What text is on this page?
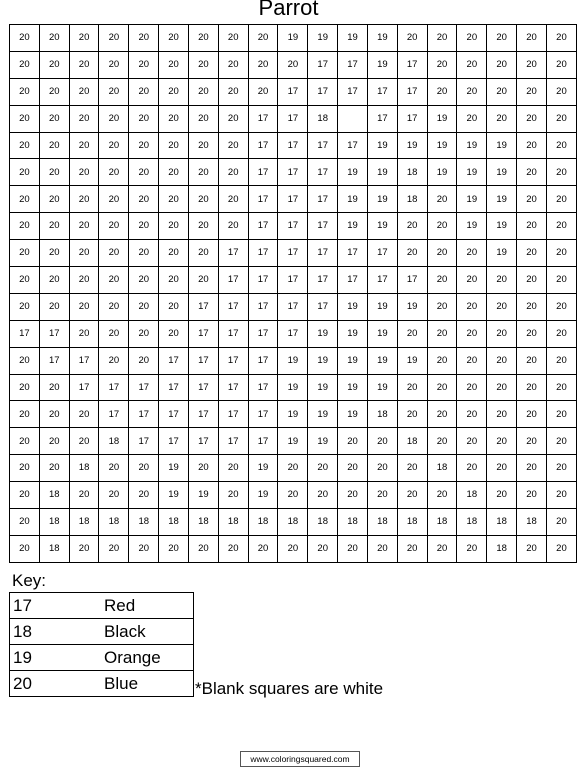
Parrot
20	20	20	20	20	20	20	20	20	19	19	19	19	20	20	20	20	20	20
20	20	20	20	20	20	20	20	20	20	17	17	19	17	20	20	20	20	20
20	20	20	20	20	20	20	20	20	17	17	17	17	17	20	20	20	20	20
20	20	20	20	20	20	20	20	17	17	18		17	17	19	20	20	20	20
20	20	20	20	20	20	20	20	17	17	17	17	19	19	19	19	19	20	20
20	20	20	20	20	20	20	20	17	17	17	19	19	18	19	19	19	20	20
20	20	20	20	20	20	20	20	17	17	17	19	19	18	20	19	19	20	20
20	20	20	20	20	20	20	20	17	17	17	19	19	20	20	19	19	20	20
20	20	20	20	20	20	20	17	17	17	17	17	17	20	20	20	19	20	20
20	20	20	20	20	20	20	17	17	17	17	17	17	17	20	20	20	20	20
20	20	20	20	20	20	17	17	17	17	17	19	19	19	20	20	20	20	20
17	17	20	20	20	20	17	17	17	17	19	19	19	20	20	20	20	20	20
20	17	17	20	20	17	17	17	17	19	19	19	19	19	20	20	20	20	20
20	20	17	17	17	17	17	17	17	19	19	19	19	20	20	20	20	20	20
20	20	20	17	17	17	17	17	17	19	19	19	18	20	20	20	20	20	20
20	20	20	18	17	17	17	17	17	19	19	20	20	18	20	20	20	20	20
20	20	18	20	20	19	20	20	19	20	20	20	20	20	18	20	20	20	20
20	18	20	20	20	19	19	20	19	20	20	20	20	20	20	18	20	20	20
20	18	18	18	18	18	18	18	18	18	18	18	18	18	18	18	18	18	20
20	18	20	20	20	20	20	20	20	20	20	20	20	20	20	20	18	20	20
Key:
17	Red
18	Black
19	Orange
20	Blue	*Blank squares are white
www.coloringsquared.com
